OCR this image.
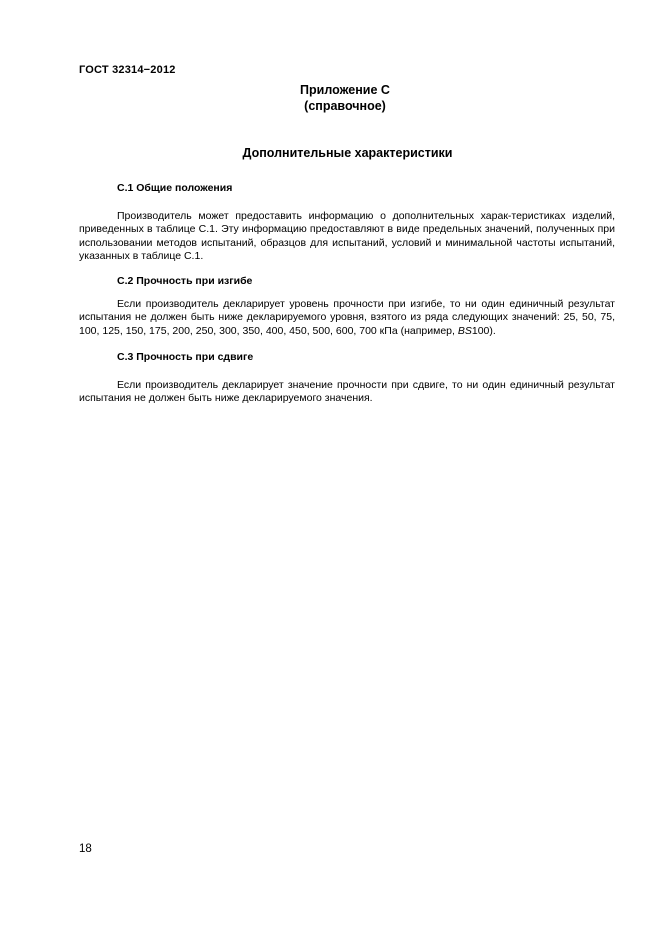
ГОСТ 32314−2012
Приложение С
(справочное)
Дополнительные характеристики
С.1 Общие положения
Производитель может предоставить информацию о дополнительных харак-теристиках изделий, приведенных в таблице С.1. Эту информацию предоставляют в виде предельных значений, полученных при использовании методов испытаний, образцов для испытаний, условий и минимальной частоты испытаний, указанных в таблице С.1.
С.2 Прочность при изгибе
Если производитель декларирует уровень прочности при изгибе, то ни один единичный результат испытания не должен быть ниже декларируемого уровня, взятого из ряда следующих значений: 25, 50, 75, 100, 125, 150, 175, 200, 250, 300, 350, 400, 450, 500, 600, 700 кПа (например, BS100).
С.3 Прочность при сдвиге
Если производитель декларирует значение прочности при сдвиге, то ни один единичный результат испытания не должен быть ниже декларируемого значения.
18
